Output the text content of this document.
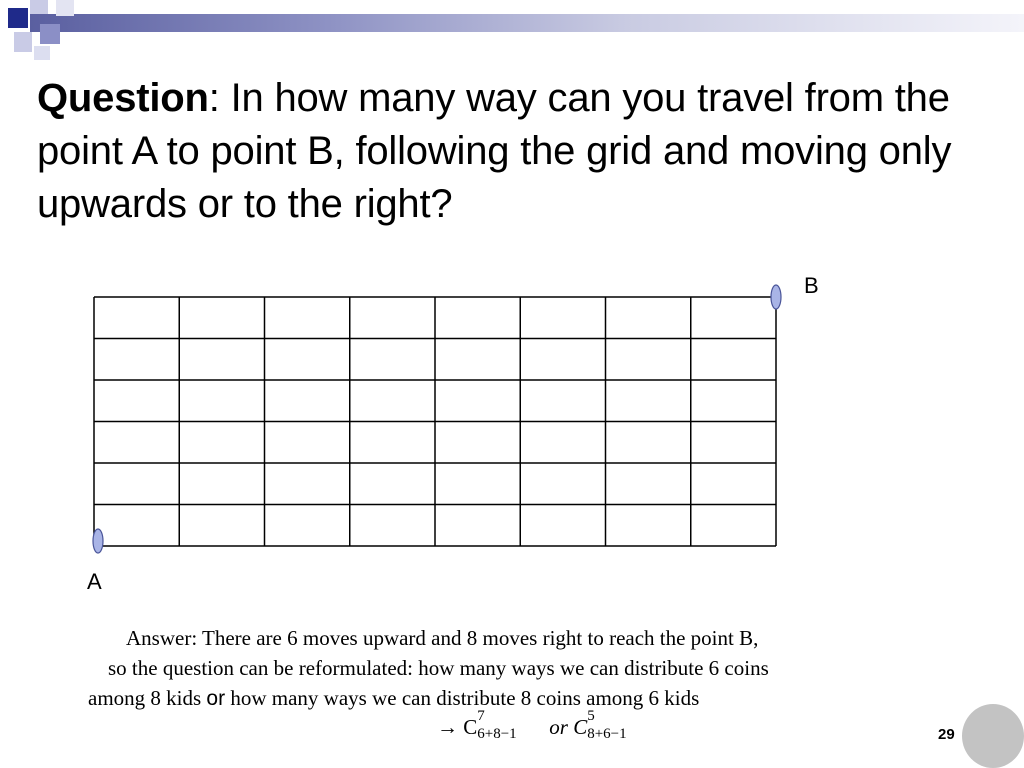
Question: In how many way can you travel from the point A to point B, following the grid and moving only upwards or to the right?
B
A
Answer: There are 6 moves upward and 8 moves right to reach the point B,
so the question can be reformulated: how many ways we can distribute 6 coins
among 8 kids or how many ways we can distribute 8 coins among 6 kids
→ C 7
6+8−1 or C 5
8+6−1	29
